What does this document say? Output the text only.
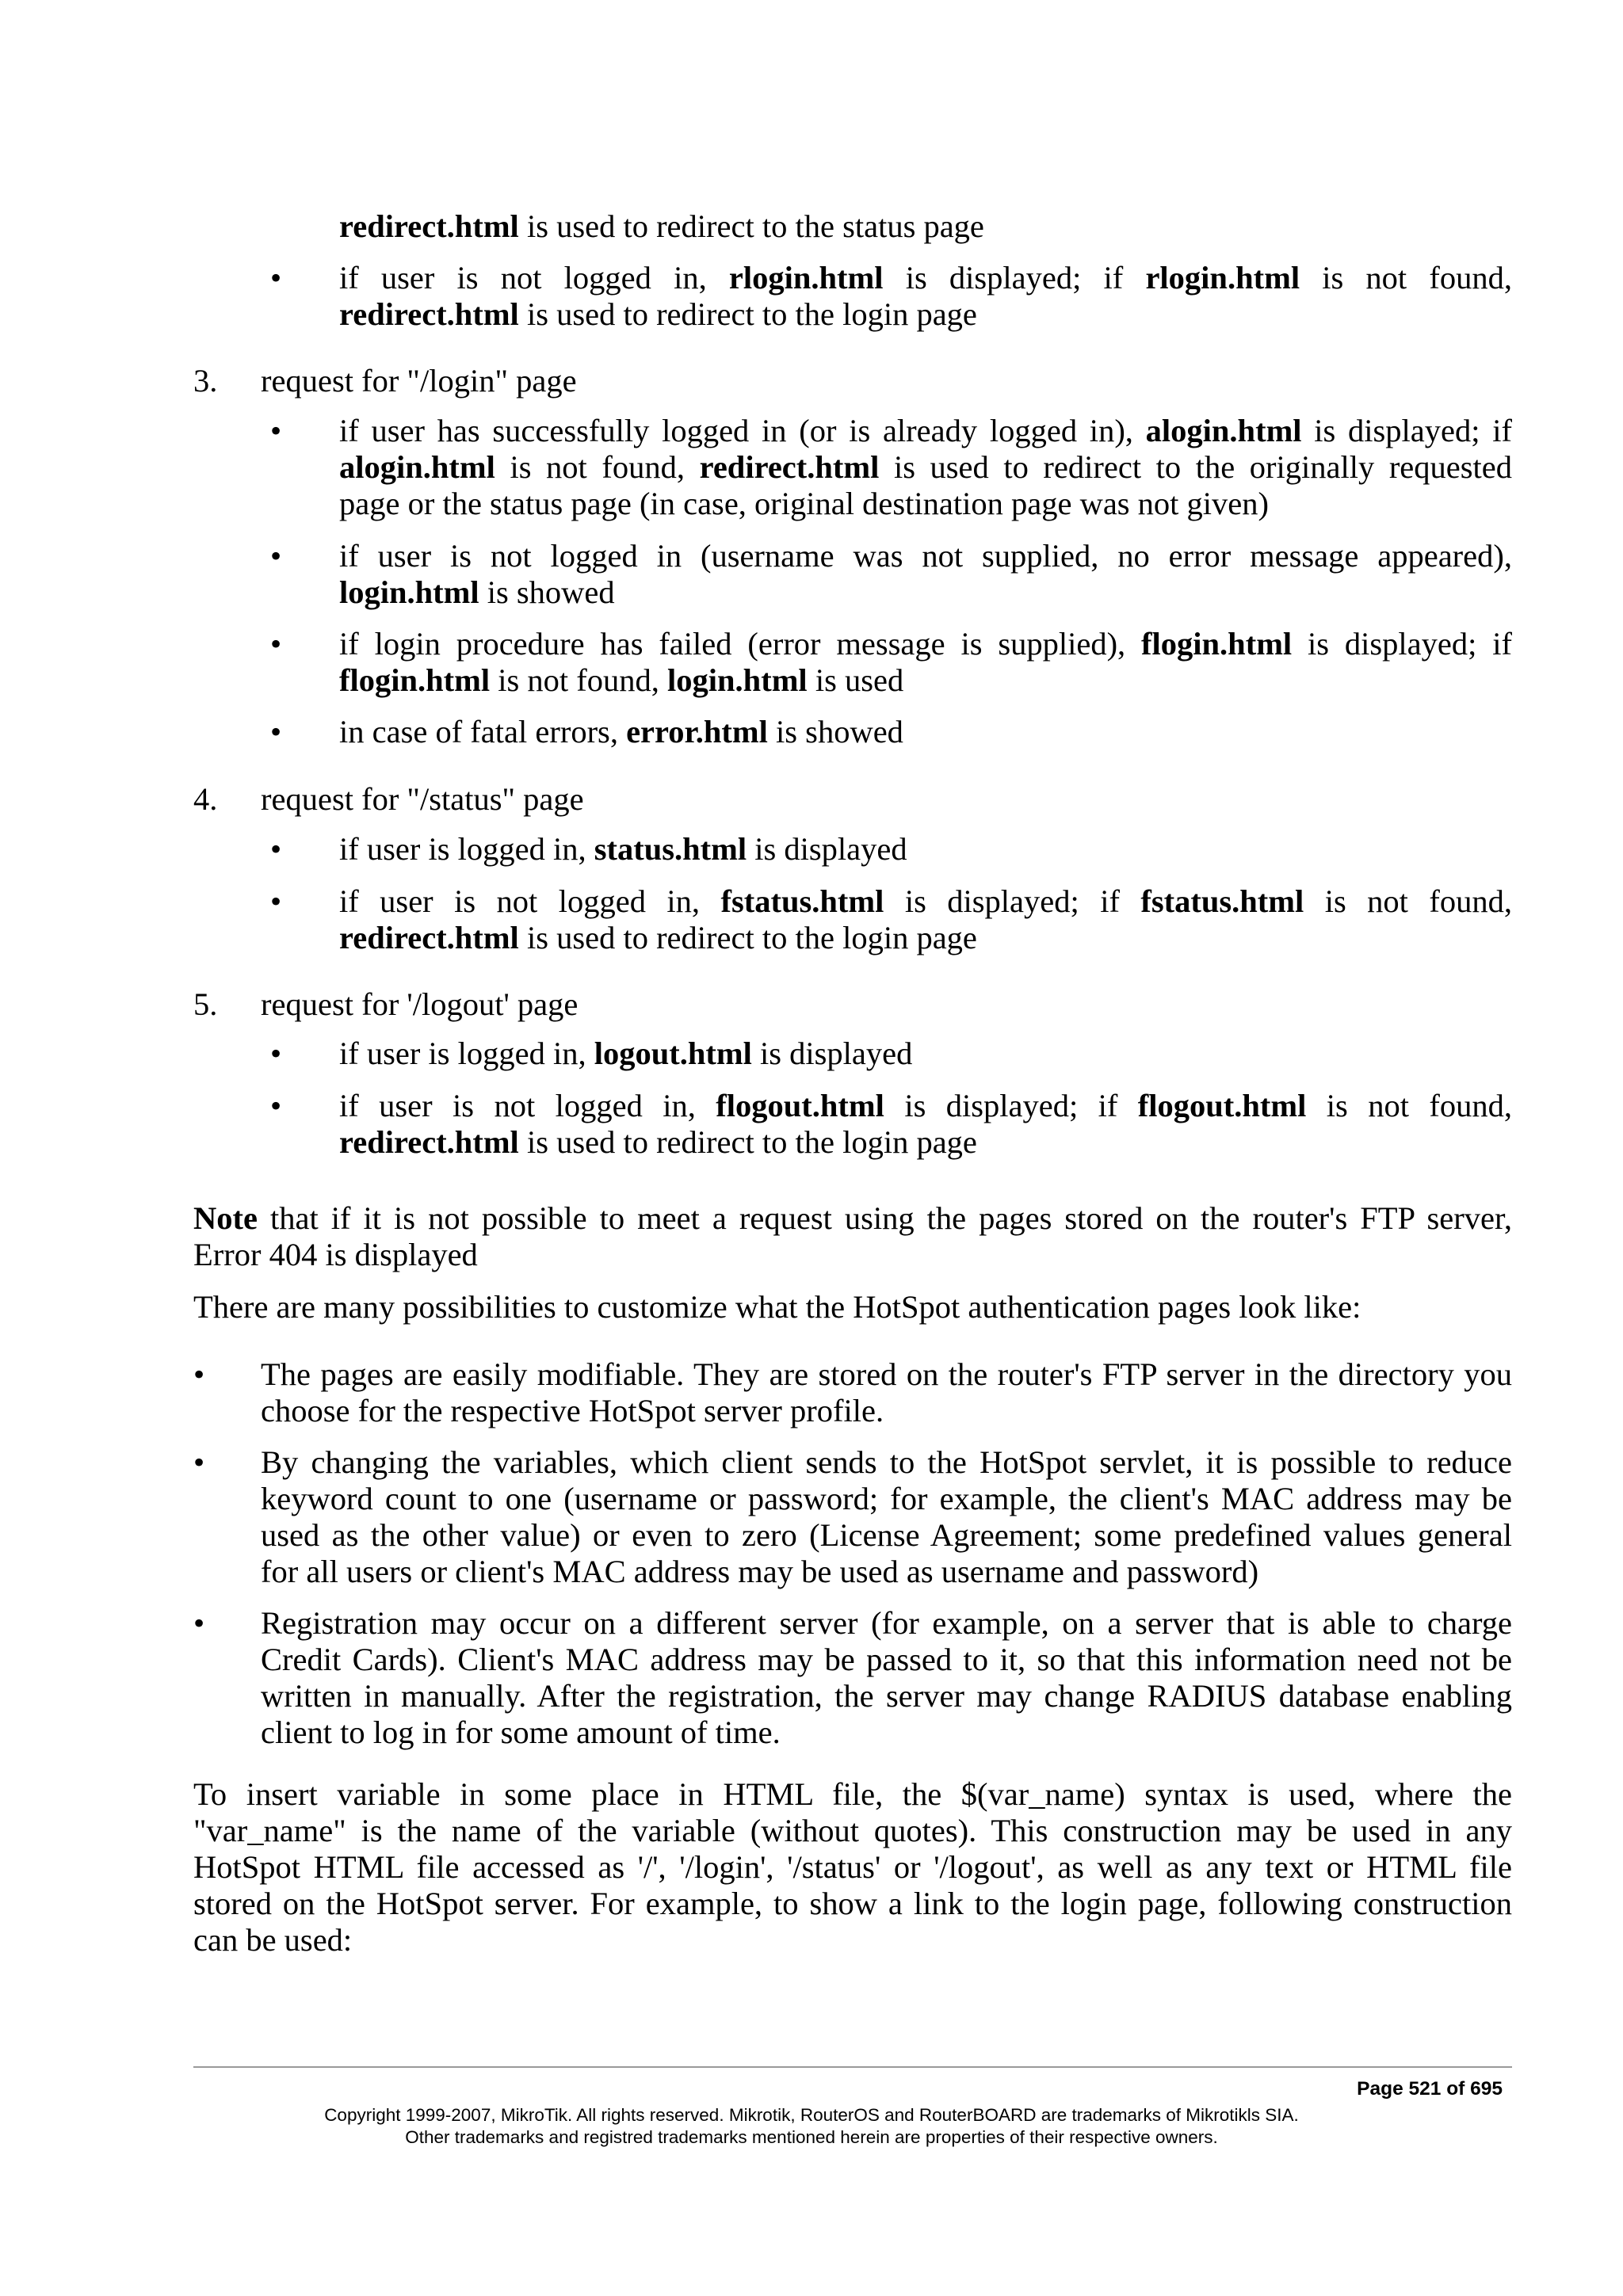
redirect.html is used to redirect to the status page

• if user is not logged in, rlogin.html is displayed; if rlogin.html is not found,

redirect.html is used to redirect to the login page

3. request for "/login" page

• if user has successfully logged in (or is already logged in), alogin.html is displayed; if

alogin.html is not found, redirect.html is used to redirect to the originally requested

page or the status page (in case, original destination page was not given)

• if user is not logged in (username was not supplied, no error message appeared),

login.html is showed

• if login procedure has failed (error message is supplied), flogin.html is displayed; if

flogin.html is not found, login.html is used

• in case of fatal errors, error.html is showed

4. request for "/status" page

• if user is logged in, status.html is displayed

• if user is not logged in, fstatus.html is displayed; if fstatus.html is not found,

redirect.html is used to redirect to the login page

5. request for '/logout' page

• if user is logged in, logout.html is displayed

• if user is not logged in, flogout.html is displayed; if flogout.html is not found,

redirect.html is used to redirect to the login page

Note that if it is not possible to meet a request using the pages stored on the router's FTP server,

Error 404 is displayed

There are many possibilities to customize what the HotSpot authentication pages look like:

• The pages are easily modifiable. They are stored on the router's FTP server in the directory you

choose for the respective HotSpot server profile.

• By changing the variables, which client sends to the HotSpot servlet, it is possible to reduce

keyword count to one (username or password; for example, the client's MAC address may be

used as the other value) or even to zero (License Agreement; some predefined values general

for all users or client's MAC address may be used as username and password)

• Registration may occur on a different server (for example, on a server that is able to charge

Credit Cards). Client's MAC address may be passed to it, so that this information need not be

written in manually. After the registration, the server may change RADIUS database enabling

client to log in for some amount of time.

To insert variable in some place in HTML file, the $(var_name) syntax is used, where the

"var_name" is the name of the variable (without quotes). This construction may be used in any

HotSpot HTML file accessed as '/', '/login', '/status' or '/logout', as well as any text or HTML file

stored on the HotSpot server. For example, to show a link to the login page, following construction

can be used:

Page 521 of 695

Copyright 1999-2007, MikroTik. All rights reserved. Mikrotik, RouterOS and RouterBOARD are trademarks of Mikrotikls SIA.

Other trademarks and registred trademarks mentioned herein are properties of their respective owners.
